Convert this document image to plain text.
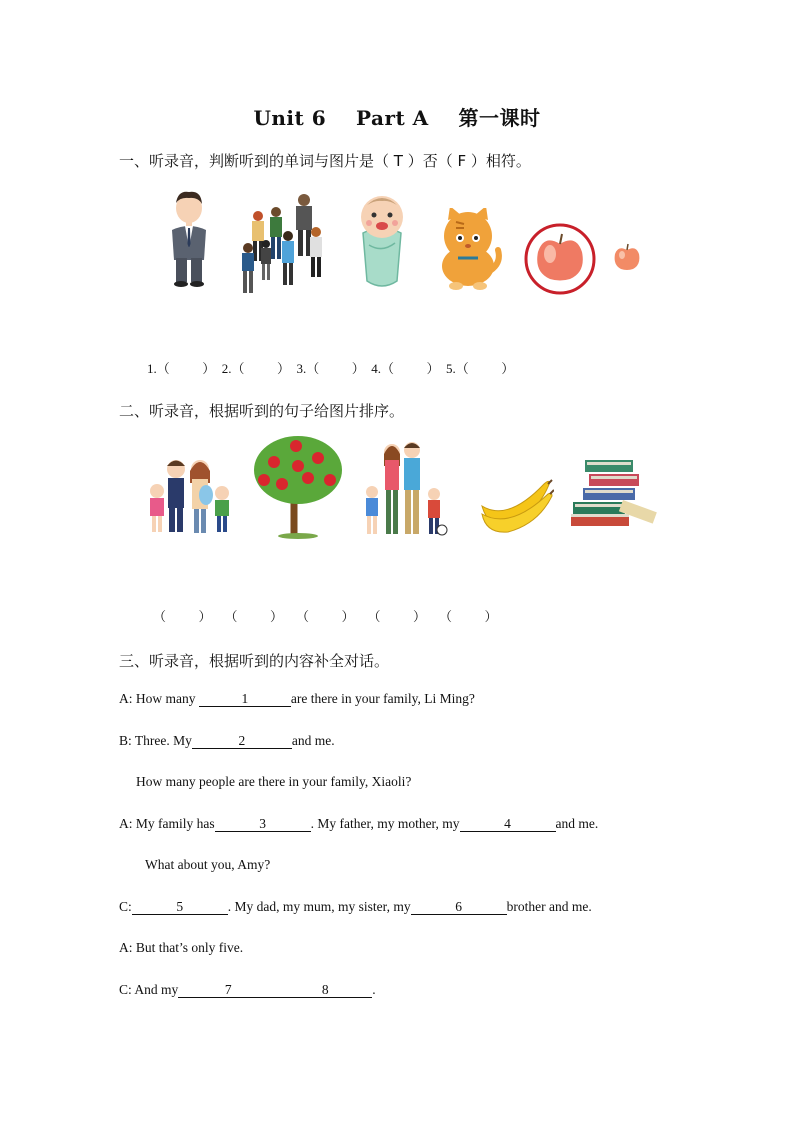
Unit 6    Part A    第一课时
一、听录音，判断听到的单词与图片是（ T ）否（ F ）相符。
1.（          ）  2.（          ）  3.（          ）  4.（          ）  5.（          ）
二、听录音，根据听到的句子给图片排序。
（          ）    （          ）    （          ）    （          ）    （          ）
三、听录音，根据听到的内容补全对话。
A: How many	1	are there in your family, Li Ming?
B: Three. My	2	and me.
How many people are there in your family, Xiaoli?
A: My family has	3	. My father, my mother, my	4	and me.
What about you, Amy?
C:	5	. My dad, my mum, my sister, my	6	brother and me.
A: But that’s only five.
C: And my	7	8	.
